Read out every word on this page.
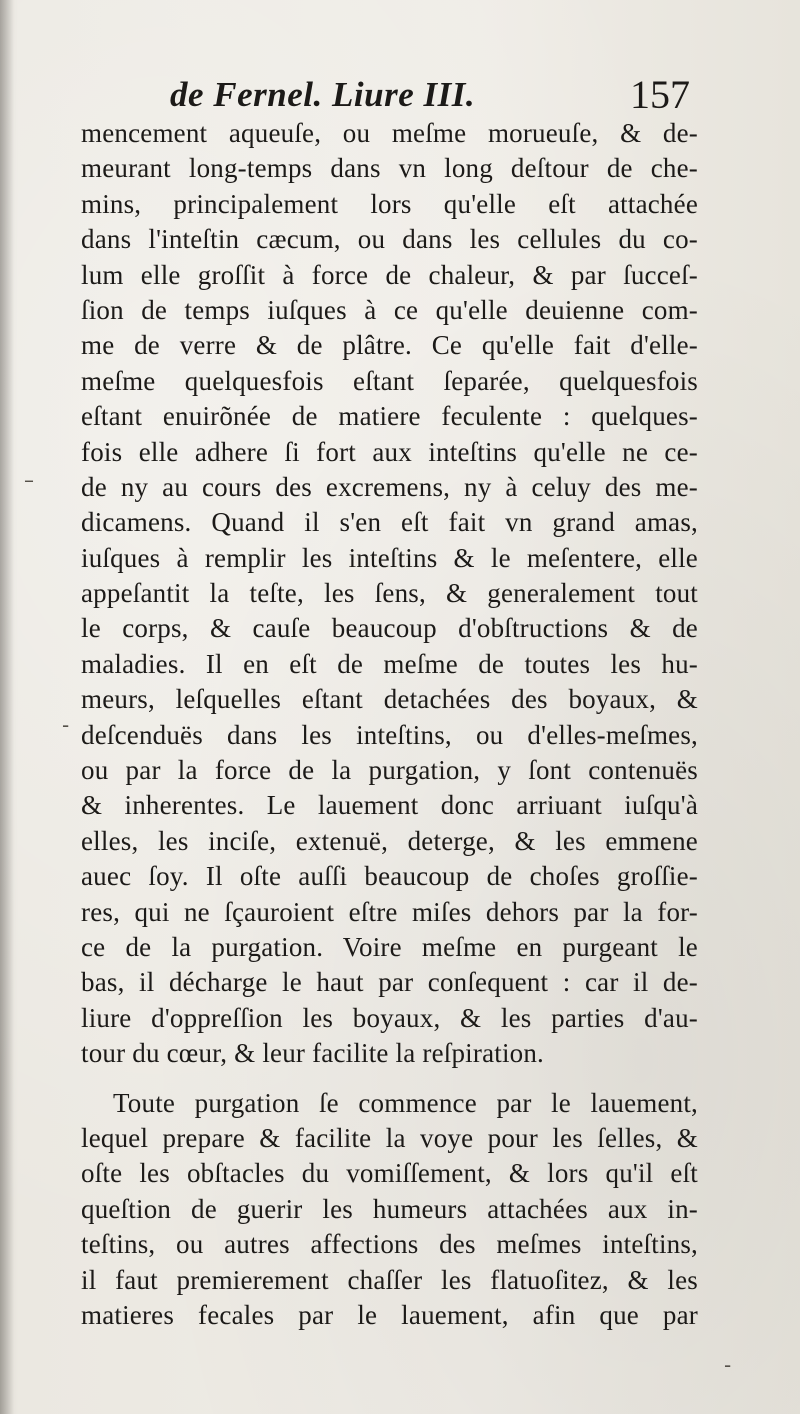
de Fernel. Liure III.	157
mencement aqueuſe, ou meſme morueuſe, & de-
meurant long-temps dans vn long deſtour de che-
mins, principalement lors qu'elle eſt attachée
dans l'inteſtin cæcum, ou dans les cellules du co-
lum elle groſſit à force de chaleur, & par ſucceſ-
ſion de temps iuſques à ce qu'elle deuienne com-
me de verre & de plâtre. Ce qu'elle fait d'elle-
meſme quelquesfois eſtant ſeparée, quelquesfois
eſtant enuirõnée de matiere feculente : quelques-
fois elle adhere ſi fort aux inteſtins qu'elle ne ce-
de ny au cours des excremens, ny à celuy des me-
dicamens. Quand il s'en eſt fait vn grand amas,
iuſques à remplir les inteſtins & le meſentere, elle
appeſantit la teſte, les ſens, & generalement tout
le corps, & cauſe beaucoup d'obſtructions & de
maladies. Il en eſt de meſme de toutes les hu-
meurs, leſquelles eſtant detachées des boyaux, &
deſcenduës dans les inteſtins, ou d'elles-meſmes,
ou par la force de la purgation, y ſont contenuës
& inherentes. Le lauement donc arriuant iuſqu'à
elles, les inciſe, extenuë, deterge, & les emmene
auec ſoy. Il oſte auſſi beaucoup de choſes groſſie-
res, qui ne ſçauroient eſtre miſes dehors par la for-
ce de la purgation. Voire meſme en purgeant le
bas, il décharge le haut par conſequent : car il de-
liure d'oppreſſion les boyaux, & les parties d'au-
tour du cœur, & leur facilite la reſpiration.
Toute purgation ſe commence par le lauement,
lequel prepare & facilite la voye pour les ſelles, &
oſte les obſtacles du vomiſſement, & lors qu'il eſt
queſtion de guerir les humeurs attachées aux in-
teſtins, ou autres affections des meſmes inteſtins,
il faut premierement chaſſer les flatuoſitez, & les
matieres fecales par le lauement, afin que par
–
-
-
